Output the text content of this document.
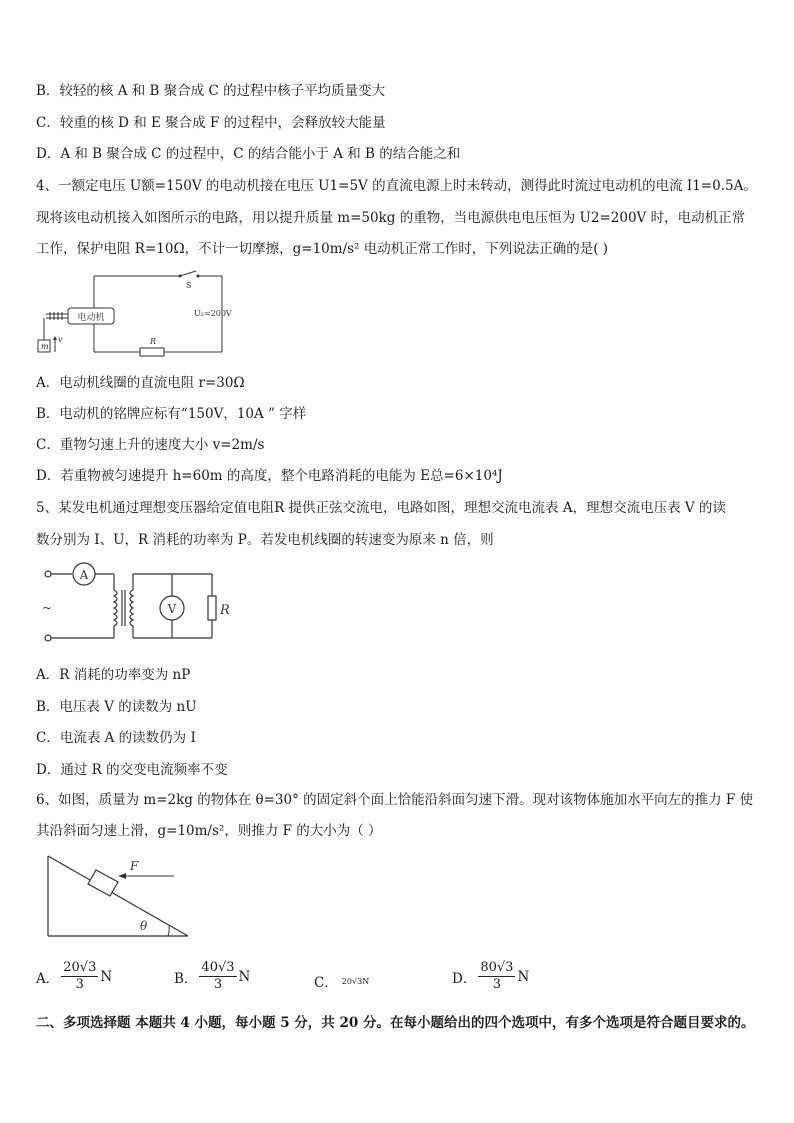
B．较轻的核 A 和 B 聚合成 C 的过程中核子平均质量变大
C．较重的核 D 和 E 聚合成 F 的过程中，会释放较大能量
D．A 和 B 聚合成 C 的过程中，C 的结合能小于 A 和 B 的结合能之和
4、一额定电压 U额=150V 的电动机接在电压 U1=5V 的直流电源上时未转动，测得此时流过电动机的电流 I1=0.5A。
现将该电动机接入如图所示的电路，用以提升质量 m=50kg 的重物，当电源供电电压恒为 U2=200V 时，电动机正常
工作，保护电阻 R=10Ω，不计一切摩擦，g=10m/s² 电动机正常工作时，下列说法正确的是( )
电动机
S
U₂=200V
R
m
v
A．电动机线圈的直流电阻 r=30Ω
B．电动机的铭牌应标有“150V，10A ” 字样
C．重物匀速上升的速度大小 v=2m/s
D．若重物被匀速提升 h=60m 的高度，整个电路消耗的电能为 E总=6×10⁴J
5、某发电机通过理想变压器给定值电阻R 提供正弦交流电，电路如图，理想交流电流表 A，理想交流电压表 V 的读
数分别为 I、U，R 消耗的功率为 P。若发电机线圈的转速变为原来 n 倍，则
~
A
V	R
A．R 消耗的功率变为 nP
B．电压表 V 的读数为 nU
C．电流表 A 的读数仍为 I
D．通过 R 的交变电流频率不变
6、如图，质量为 m=2kg 的物体在 θ=30° 的固定斜个面上恰能沿斜面匀速下滑。现对该物体施加水平向左的推力 F 使
其沿斜面匀速上滑，g=10m/s²，则推力 F 的大小为（ ）
F
θ
A． $\frac{20√3}{3}$ N	B． $\frac{40√3}{3}$ N	C． 20√3N	D． $\frac{80√3}{3}$ N
二、多项选择题 本题共 4 小题，每小题 5 分，共 20 分。在每小题给出的四个选项中，有多个选项是符合题目要求的。
